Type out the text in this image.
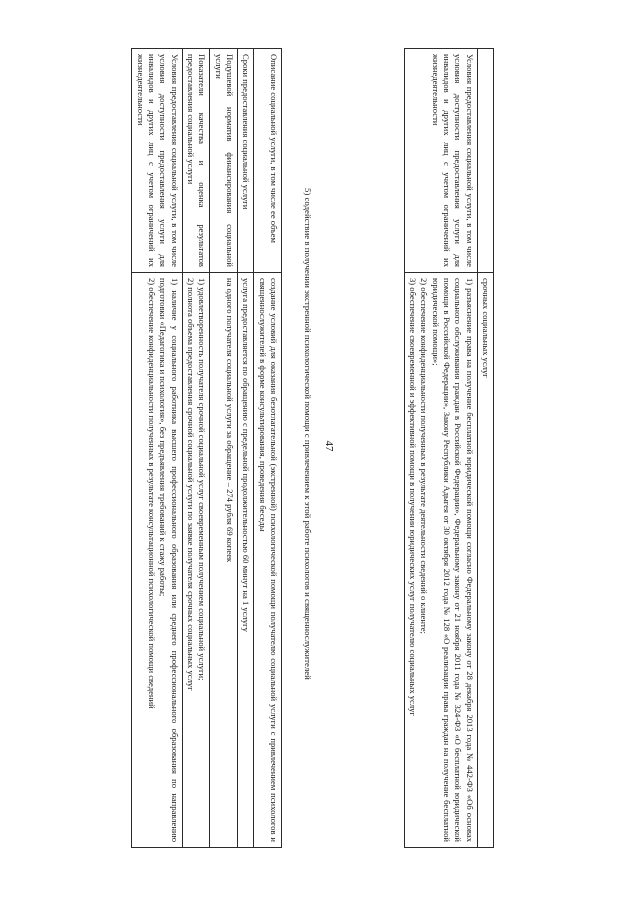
47

	срочных социальных услуг

Условия предоставления социальной услуги, в том числе условия доступности предоставления услуги для инвалидов и других лиц с учетом ограничений их жизнедеятельности	1) разъяснение права на получение бесплатной юридической помощи согласно Федеральному закону от 28 декабря 2013 года № 442-ФЗ «Об основах социального обслуживания граждан в Российской Федерации», Федеральному закону от 21 ноября 2011 года № 324-ФЗ «О бесплатной юридической помощи в Российской Федерации», Закону Республики Адыгея от 30 октября 2012 года № 128 «О реализации права граждан на получение бесплатной юридической помощи»;
2) обеспечение конфиденциальности полученных в результате деятельности сведений о клиенте;
3) обеспечение своевременной и эффективной помощи в получении юридических услуг получателю социальных услуг
5) содействие в получении экстренной психологической помощи с привлечением к этой работе психологов и священнослужителей
Описание социальной услуги, в том числе ее объем	создание условий для оказания безотлагательной (экстренной) психологической помощи получателю социальной услуги с привлечением психологов и священнослужителей в форме консультирования, проведения беседы

Сроки предоставления социальной услуги	услуга предоставляется по обращению с предельной продолжительностью 60 минут на 1 услугу

Подушевой норматив финансирования социальной услуги	на одного получателя социальной услуги за обращение – 274 рубля 69 копеек

Показатели качества и оценка результатов предоставления социальной услуги	1) удовлетворенность получателя срочной социальной услуг своевременным получением социальной услуги;
2) полнота объема предоставления срочной социальной услуги по заявке получателя срочных социальных услуг

Условия предоставления социальной услуги, в том числе условия доступности предоставления услуги для инвалидов и других лиц с учетом ограничений их жизнедеятельности	1) наличие у социального работника высшего профессионального образования или среднего профессионального образования по направлению подготовки «Педагогика и психология», без предъявления требований к стажу работы;
2) обеспечение конфиденциальности полученных в результате консультационной психологической помощи сведений
